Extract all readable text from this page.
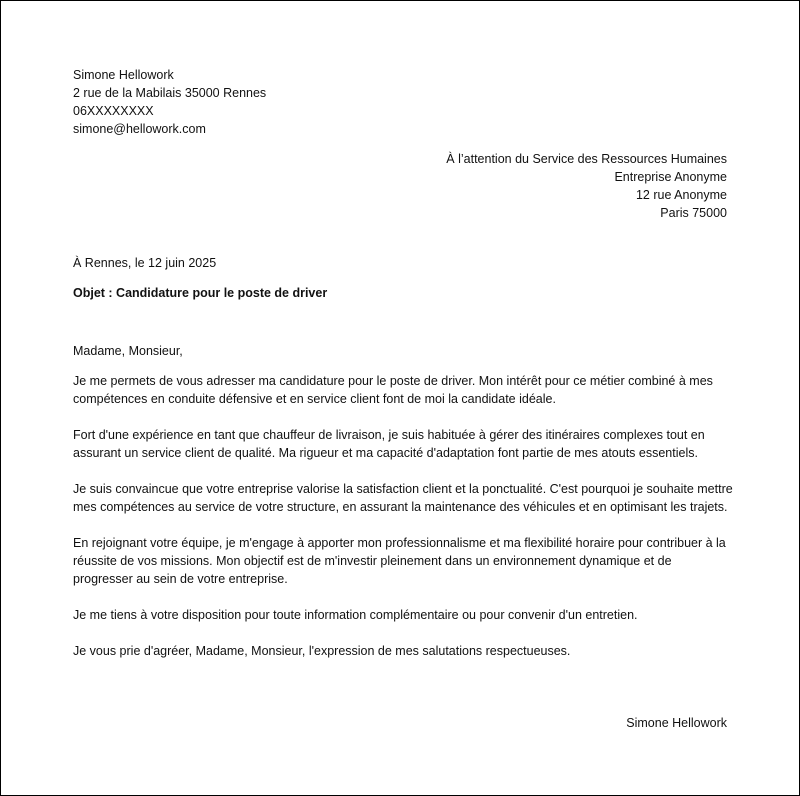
Simone Hellowork
2 rue de la Mabilais 35000 Rennes
06XXXXXXXX
simone@hellowork.com
À l’attention du Service des Ressources Humaines
Entreprise Anonyme
12 rue Anonyme
Paris 75000
À Rennes, le 12 juin 2025
Objet : Candidature pour le poste de driver
Madame, Monsieur,

Je me permets de vous adresser ma candidature pour le poste de driver. Mon intérêt pour ce métier combiné à mes compétences en conduite défensive et en service client font de moi la candidate idéale.

Fort d'une expérience en tant que chauffeur de livraison, je suis habituée à gérer des itinéraires complexes tout en assurant un service client de qualité. Ma rigueur et ma capacité d'adaptation font partie de mes atouts essentiels.

Je suis convaincue que votre entreprise valorise la satisfaction client et la ponctualité. C'est pourquoi je souhaite mettre mes compétences au service de votre structure, en assurant la maintenance des véhicules et en optimisant les trajets.

En rejoignant votre équipe, je m'engage à apporter mon professionnalisme et ma flexibilité horaire pour contribuer à la réussite de vos missions. Mon objectif est de m'investir pleinement dans un environnement dynamique et de progresser au sein de votre entreprise.

Je me tiens à votre disposition pour toute information complémentaire ou pour convenir d'un entretien.

Je vous prie d'agréer, Madame, Monsieur, l'expression de mes salutations respectueuses.

Simone Hellowork
